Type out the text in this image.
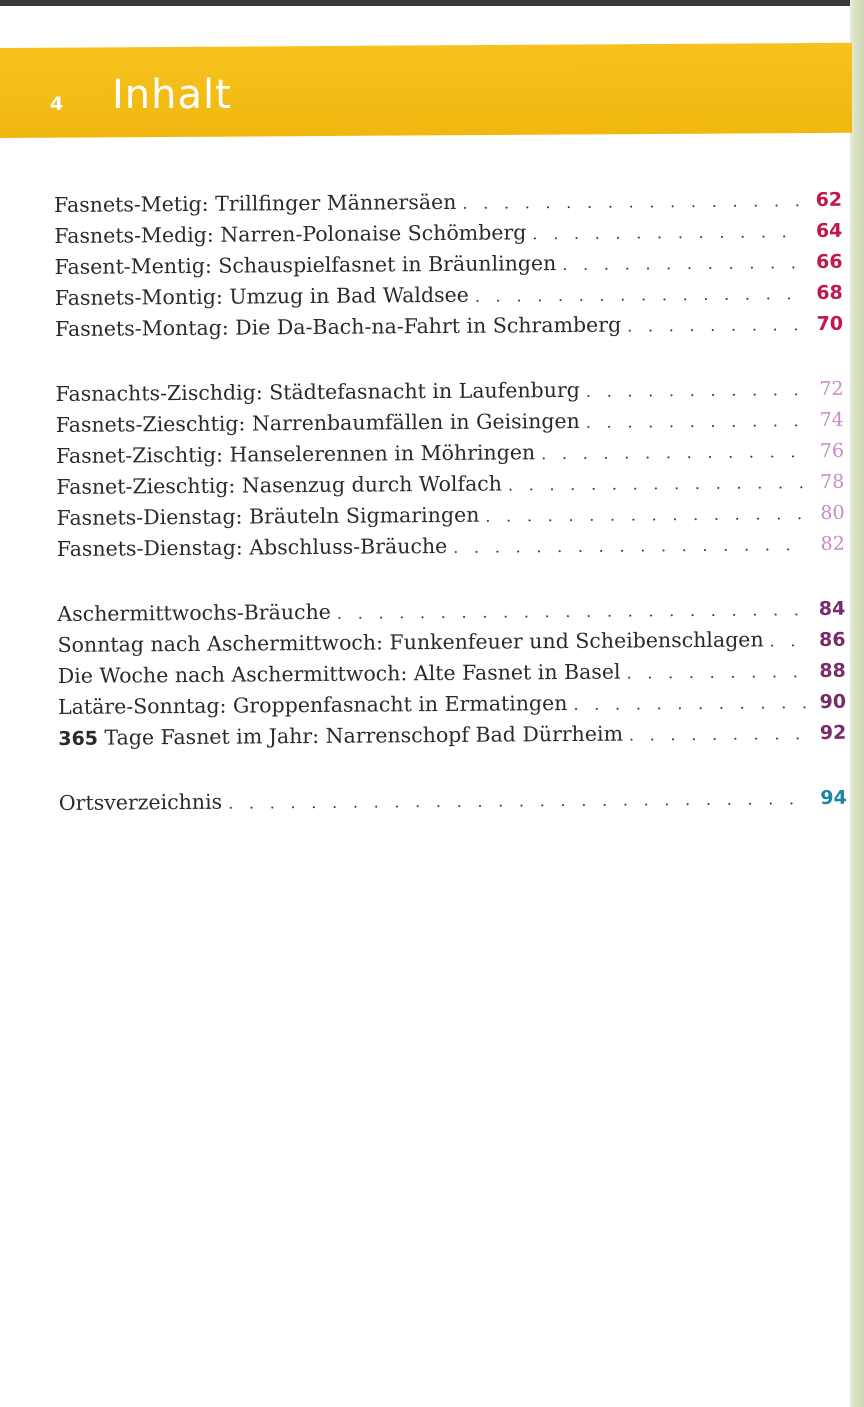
4 Inhalt
Fasnets-Metig: Trillfinger Männersäen . . .	62
Fasnets-Medig: Narren-Polonaise Schömberg . . .	64
Fasent-Mentig: Schauspielfasnet in Bräunlingen . . .	66
Fasnets-Montig: Umzug in Bad Waldsee . . .	68
Fasnets-Montag: Die Da-Bach-na-Fahrt in Schramberg . . .	70
Fasnachts-Zischdig: Städtefasnacht in Laufenburg . . .	72
Fasnets-Zieschtig: Narrenbaumfällen in Geisingen . . .	74
Fasnet-Zischtig: Hanselerennen in Möhringen . . .	76
Fasnet-Zieschtig: Nasenzug durch Wolfach . . .	78
Fasnets-Dienstag: Bräuteln Sigmaringen . . .	80
Fasnets-Dienstag: Abschluss-Bräuche . . .	82
Aschermittwochs-Bräuche . . .	84
Sonntag nach Aschermittwoch: Funkenfeuer und Scheibenschlagen . . .	86
Die Woche nach Aschermittwoch: Alte Fasnet in Basel . . .	88
Latäre-Sonntag: Groppenfasnacht in Ermatingen . . .	90
365 Tage Fasnet im Jahr: Narrenschopf Bad Dürrheim . . .	92
Ortsverzeichnis . . .	94
